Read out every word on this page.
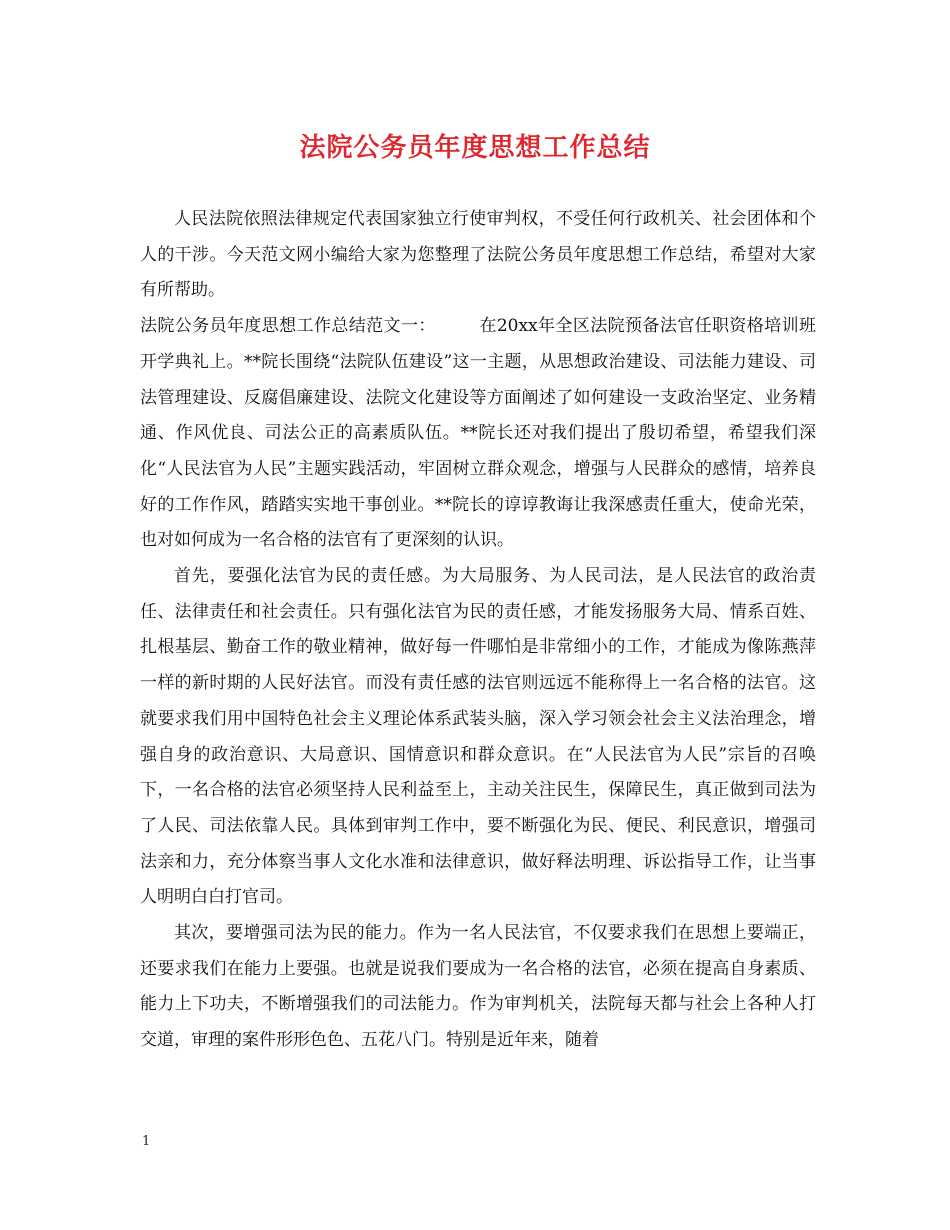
法院公务员年度思想工作总结

人民法院依照法律规定代表国家独立行使审判权，不受任何行政机关、社会团体和个人的干涉。今天范文网小编给大家为您整理了法院公务员年度思想工作总结，希望对大家有所帮助。

法院公务员年度思想工作总结范文一：　　　在20xx年全区法院预备法官任职资格培训班开学典礼上。**院长围绕“法院队伍建设”这一主题，从思想政治建设、司法能力建设、司法管理建设、反腐倡廉建设、法院文化建设等方面阐述了如何建设一支政治坚定、业务精通、作风优良、司法公正的高素质队伍。**院长还对我们提出了殷切希望，希望我们深化“人民法官为人民”主题实践活动，牢固树立群众观念，增强与人民群众的感情，培养良好的工作作风，踏踏实实地干事创业。**院长的谆谆教诲让我深感责任重大，使命光荣，也对如何成为一名合格的法官有了更深刻的认识。

首先，要强化法官为民的责任感。为大局服务、为人民司法，是人民法官的政治责任、法律责任和社会责任。只有强化法官为民的责任感，才能发扬服务大局、情系百姓、扎根基层、勤奋工作的敬业精神，做好每一件哪怕是非常细小的工作，才能成为像陈燕萍一样的新时期的人民好法官。而没有责任感的法官则远远不能称得上一名合格的法官。这就要求我们用中国特色社会主义理论体系武装头脑，深入学习领会社会主义法治理念，增强自身的政治意识、大局意识、国情意识和群众意识。在“人民法官为人民”宗旨的召唤下，一名合格的法官必须坚持人民利益至上，主动关注民生，保障民生，真正做到司法为了人民、司法依靠人民。具体到审判工作中，要不断强化为民、便民、利民意识，增强司法亲和力，充分体察当事人文化水准和法律意识，做好释法明理、诉讼指导工作，让当事人明明白白打官司。

其次，要增强司法为民的能力。作为一名人民法官，不仅要求我们在思想上要端正，还要求我们在能力上要强。也就是说我们要成为一名合格的法官，必须在提高自身素质、能力上下功夫，不断增强我们的司法能力。作为审判机关，法院每天都与社会上各种人打交道，审理的案件形形色色、五花八门。特别是近年来，随着

1
